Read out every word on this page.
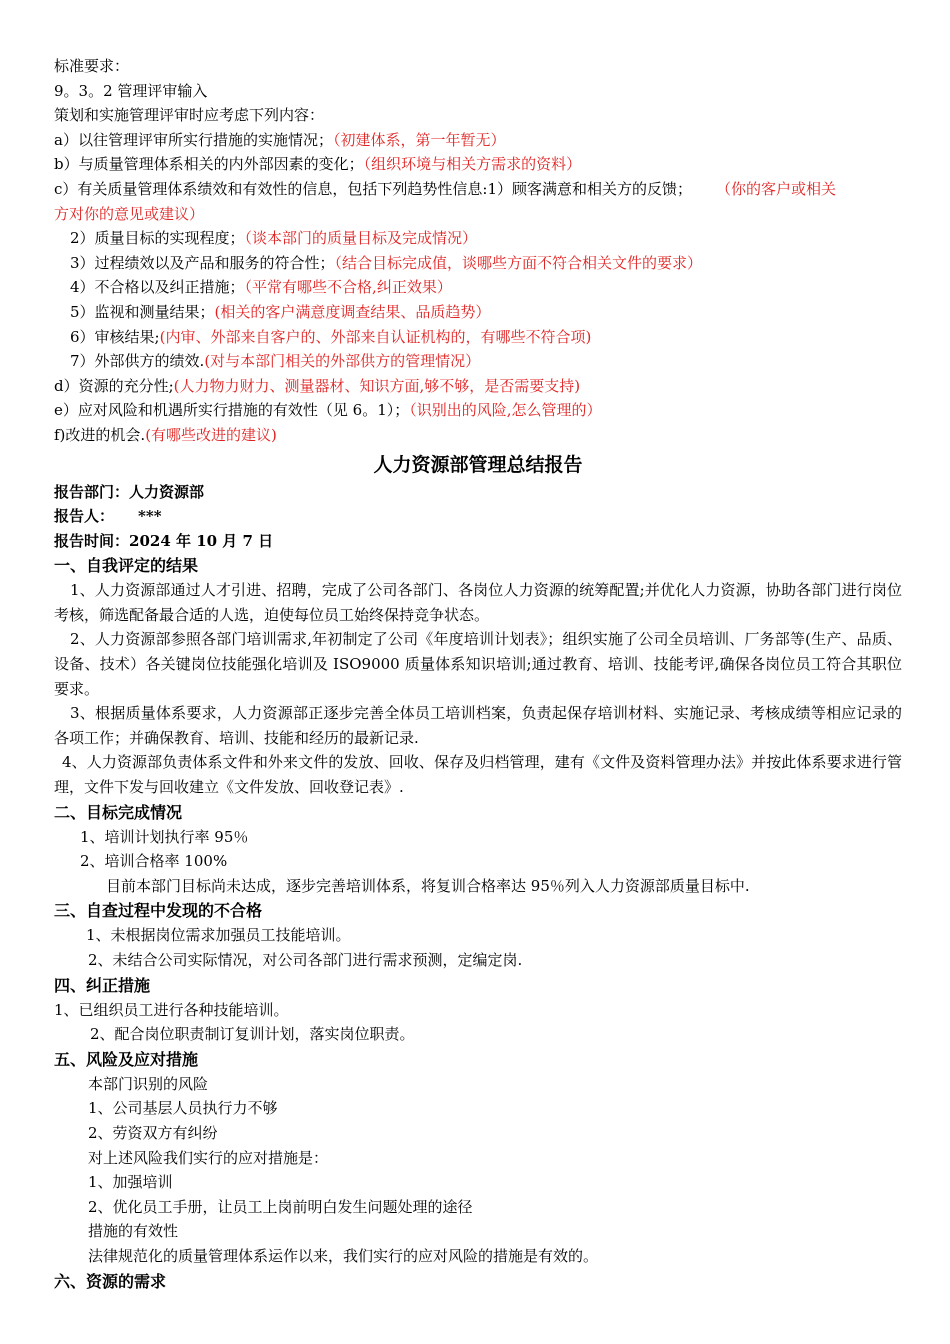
标准要求：
9。3。2 管理评审输入
策划和实施管理评审时应考虑下列内容：
a）以往管理评审所实行措施的实施情况；（初建体系，第一年暂无）
b）与质量管理体系相关的内外部因素的变化；（组织环境与相关方需求的资料）
c）有关质量管理体系绩效和有效性的信息，包括下列趋势性信息:1）顾客满意和相关方的反馈； （你的客户或相关
方对你的意见或建议）
2）质量目标的实现程度；（谈本部门的质量目标及完成情况）
3）过程绩效以及产品和服务的符合性；（结合目标完成值，谈哪些方面不符合相关文件的要求）
4）不合格以及纠正措施；（平常有哪些不合格,纠正效果）
5）监视和测量结果；(相关的客户满意度调查结果、品质趋势）
6）审核结果;(内审、外部来自客户的、外部来自认证机构的，有哪些不符合项)
7）外部供方的绩效.(对与本部门相关的外部供方的管理情况）
d）资源的充分性;(人力物力财力、测量器材、知识方面,够不够，是否需要支持)
e）应对风险和机遇所实行措施的有效性（见 6。1）；（识别出的风险,怎么管理的）
f)改进的机会.(有哪些改进的建议)
人力资源部管理总结报告
报告部门：人力资源部
报告人： ***
报告时间：2024 年 10 月 7 日
一、自我评定的结果
1、人力资源部通过人才引进、招聘，完成了公司各部门、各岗位人力资源的统筹配置;并优化人力资源，协助各部门进行岗位考核，筛选配备最合适的人选，迫使每位员工始终保持竞争状态。
2、人力资源部参照各部门培训需求,年初制定了公司《年度培训计划表》；组织实施了公司全员培训、厂务部等(生产、品质、设备、技术）各关键岗位技能强化培训及 ISO9000 质量体系知识培训;通过教育、培训、技能考评,确保各岗位员工符合其职位要求。
3、根据质量体系要求，人力资源部正逐步完善全体员工培训档案，负责起保存培训材料、实施记录、考核成绩等相应记录的各项工作；并确保教育、培训、技能和经历的最新记录.
4、人力资源部负责体系文件和外来文件的发放、回收、保存及归档管理，建有《文件及资料管理办法》并按此体系要求进行管理，文件下发与回收建立《文件发放、回收登记表》.
二、目标完成情况
1、培训计划执行率 95％
2、培训合格率 100%
目前本部门目标尚未达成，逐步完善培训体系，将复训合格率达 95％列入人力资源部质量目标中.
三、自查过程中发现的不合格
1、未根据岗位需求加强员工技能培训。
2、未结合公司实际情况，对公司各部门进行需求预测，定编定岗.
四、纠正措施
1、已组织员工进行各种技能培训。
2、配合岗位职责制订复训计划，落实岗位职责。
五、风险及应对措施
本部门识别的风险
1、公司基层人员执行力不够
2、劳资双方有纠纷
对上述风险我们实行的应对措施是：
1、加强培训
2、优化员工手册，让员工上岗前明白发生问题处理的途径
措施的有效性
法律规范化的质量管理体系运作以来，我们实行的应对风险的措施是有效的。
六、资源的需求
